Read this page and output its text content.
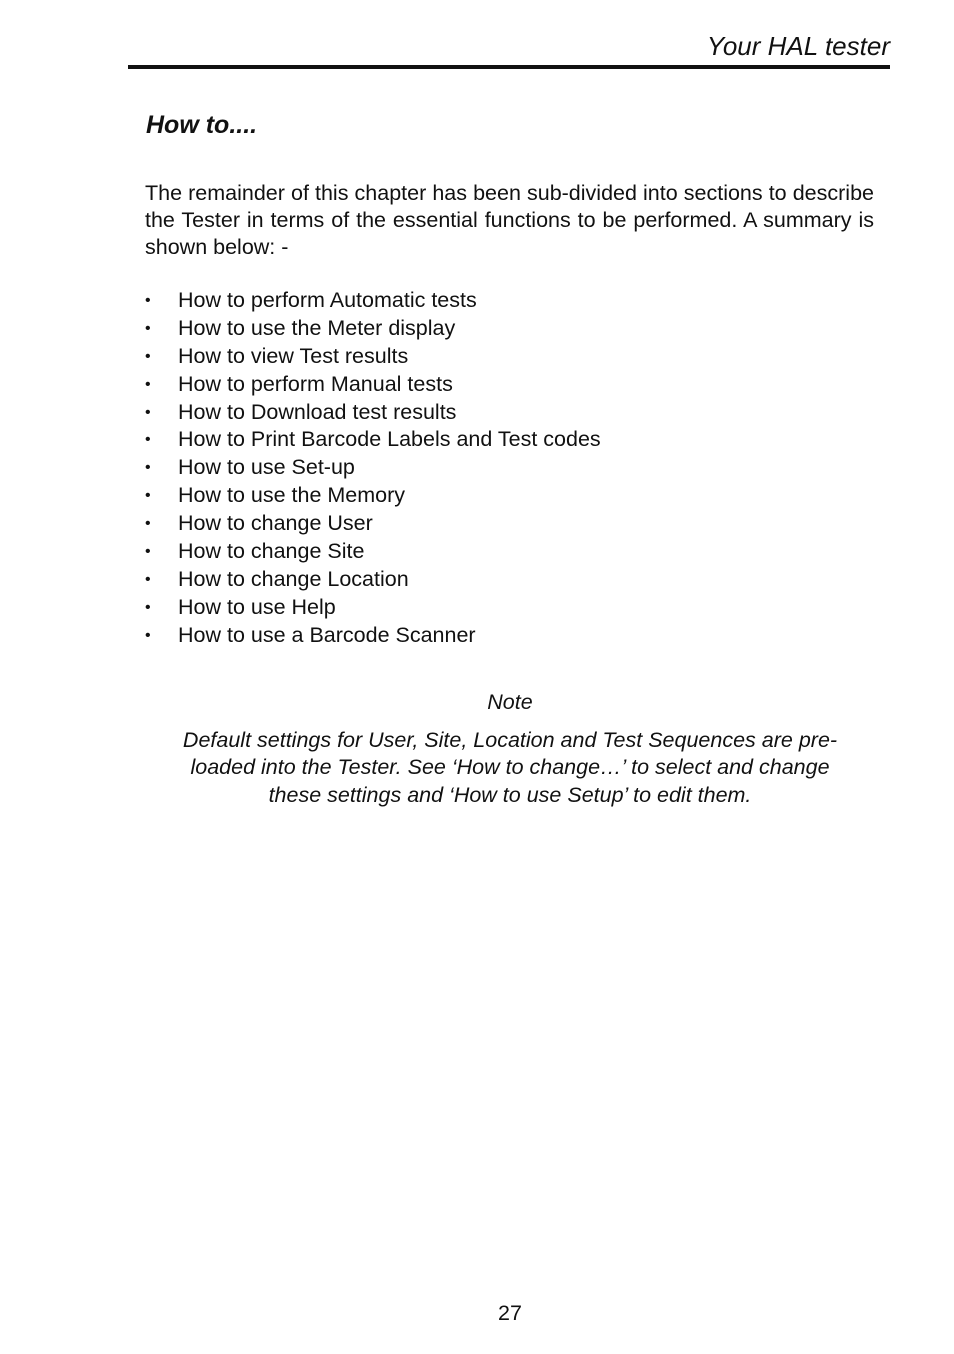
Your HAL tester
How to....

The remainder of this chapter has been sub-divided into sections to describe the Tester in terms of the essential functions to be performed. A summary is shown below: -

• How to perform Automatic tests
• How to use the Meter display
• How to view Test results
• How to perform Manual tests
• How to Download test results
• How to Print Barcode Labels and Test codes
• How to use Set-up
• How to use the Memory
• How to change User
• How to change Site
• How to change Location
• How to use Help
• How to use a Barcode Scanner
Note

Default settings for User, Site, Location and Test Sequences are pre-loaded into the Tester. See ‘How to change…’ to select and change these settings and ‘How to use Setup’ to edit them.

27
